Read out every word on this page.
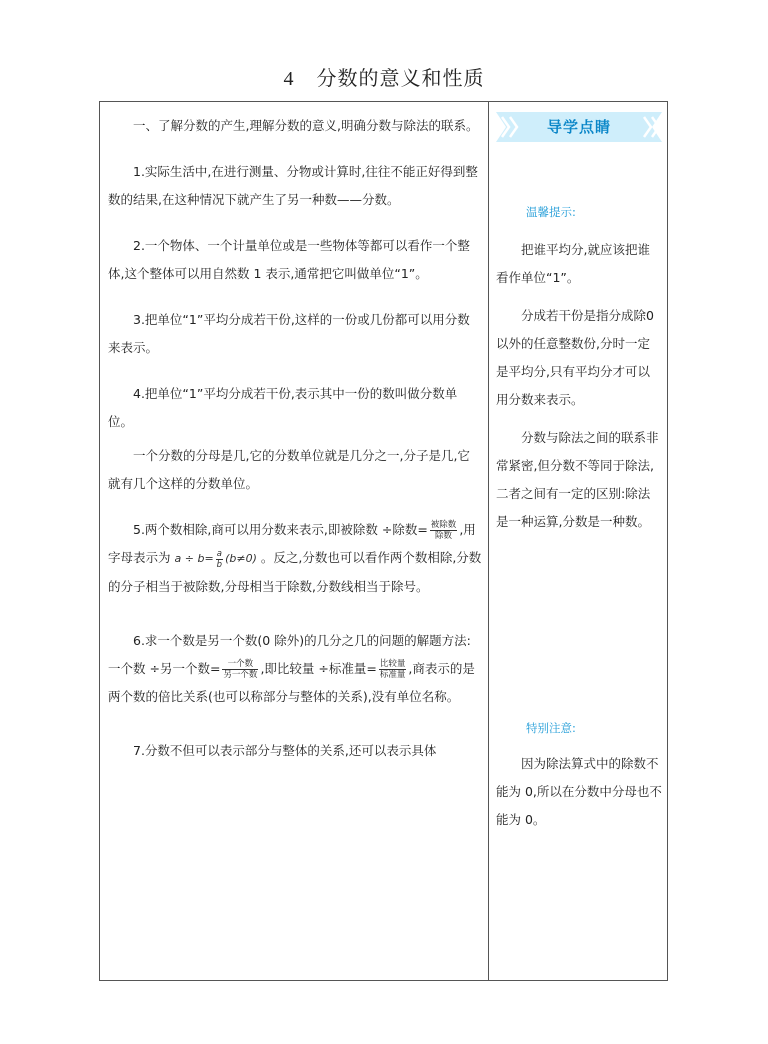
4 分数的意义和性质

一、了解分数的产生,理解分数的意义,明确分数与除法的联系。

1.实际生活中,在进行测量、分物或计算时,往往不能正好得到整数的结果,在这种情况下就产生了另一种数——分数。

2.一个物体、一个计量单位或是一些物体等都可以看作一个整体,这个整体可以用自然数 1 表示,通常把它叫做单位“1”。

3.把单位“1”平均分成若干份,这样的一份或几份都可以用分数来表示。

4.把单位“1”平均分成若干份,表示其中一份的数叫做分数单位。

一个分数的分母是几,它的分数单位就是几分之一,分子是几,它就有几个这样的分数单位。

5.两个数相除,商可以用分数来表示,即被除数 ÷除数= $\frac{\text{被除数}}{\text{除数}}$ ,用字母表示为 $a \div b= \frac{a}{b} (b\ne 0)$ 。反之,分数也可以看作两个数相除,分数的分子相当于被除数,分母相当于除数,分数线相当于除号。

6.求一个数是另一个数(0 除外)的几分之几的问题的解题方法:一个数 ÷另一个数= $\frac{\text{一个数}}{\text{另一个数}}$ ,即比较量 ÷标准量= $\frac{\text{比较量}}{\text{标准量}}$ ,商表示的是两个数的倍比关系(也可以称部分与整体的关系),没有单位名称。

7.分数不但可以表示部分与整体的关系,还可以表示具体

导学点睛

温馨提示:

把谁平均分,就应该把谁看作单位“1”。

分成若干份是指分成除0 以外的任意整数份,分时一定是平均分,只有平均分才可以用分数来表示。

分数与除法之间的联系非常紧密,但分数不等同于除法,二者之间有一定的区别:除法是一种运算,分数是一种数。

特别注意:

因为除法算式中的除数不能为 0,所以在分数中分母也不能为 0。
